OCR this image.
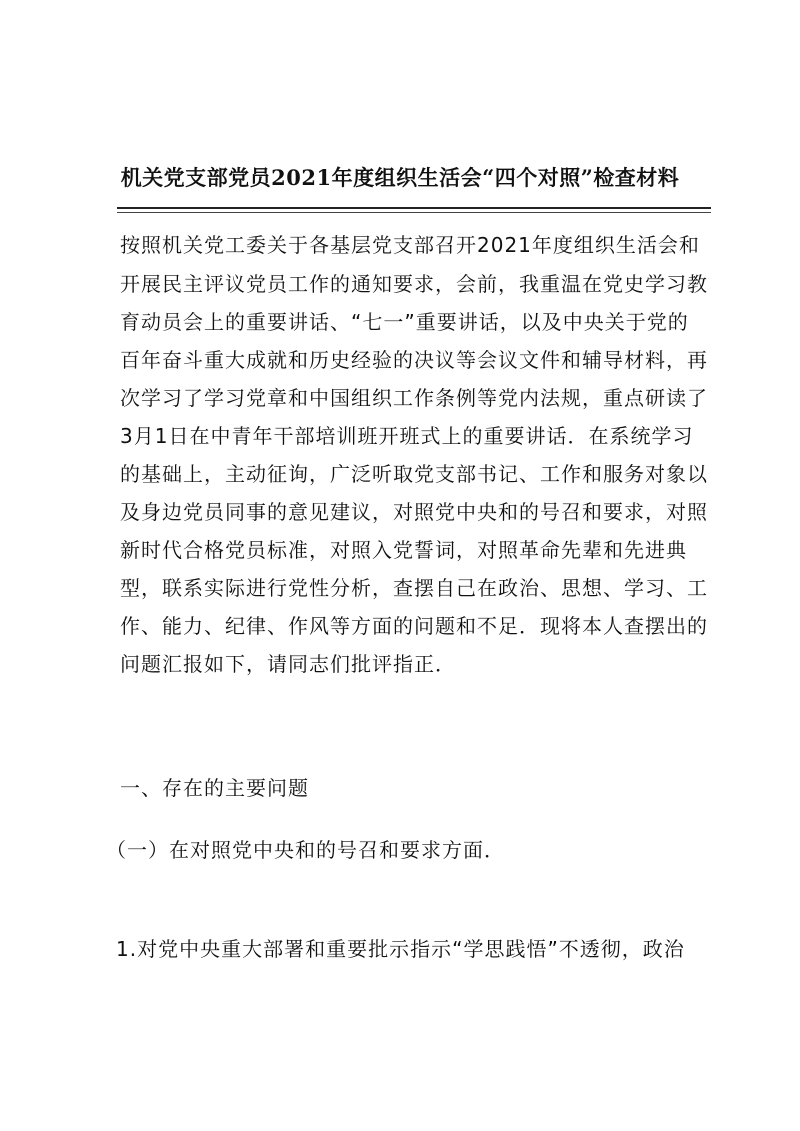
机关党支部党员2021年度组织生活会“四个对照”检查材料
按照机关党工委关于各基层党支部召开2021年度组织生活会和
开展民主评议党员工作的通知要求，会前，我重温在党史学习教
育动员会上的重要讲话、“七一”重要讲话，以及中央关于党的
百年奋斗重大成就和历史经验的决议等会议文件和辅导材料，再
次学习了学习党章和中国组织工作条例等党内法规，重点研读了
3月1日在中青年干部培训班开班式上的重要讲话．在系统学习
的基础上，主动征询，广泛听取党支部书记、工作和服务对象以
及身边党员同事的意见建议，对照党中央和的号召和要求，对照
新时代合格党员标准，对照入党誓词，对照革命先辈和先进典
型，联系实际进行党性分析，查摆自己在政治、思想、学习、工
作、能力、纪律、作风等方面的问题和不足．现将本人查摆出的
问题汇报如下，请同志们批评指正．
一、存在的主要问题
（一）在对照党中央和的号召和要求方面．
1.对党中央重大部署和重要批示指示“学思践悟”不透彻，政治
